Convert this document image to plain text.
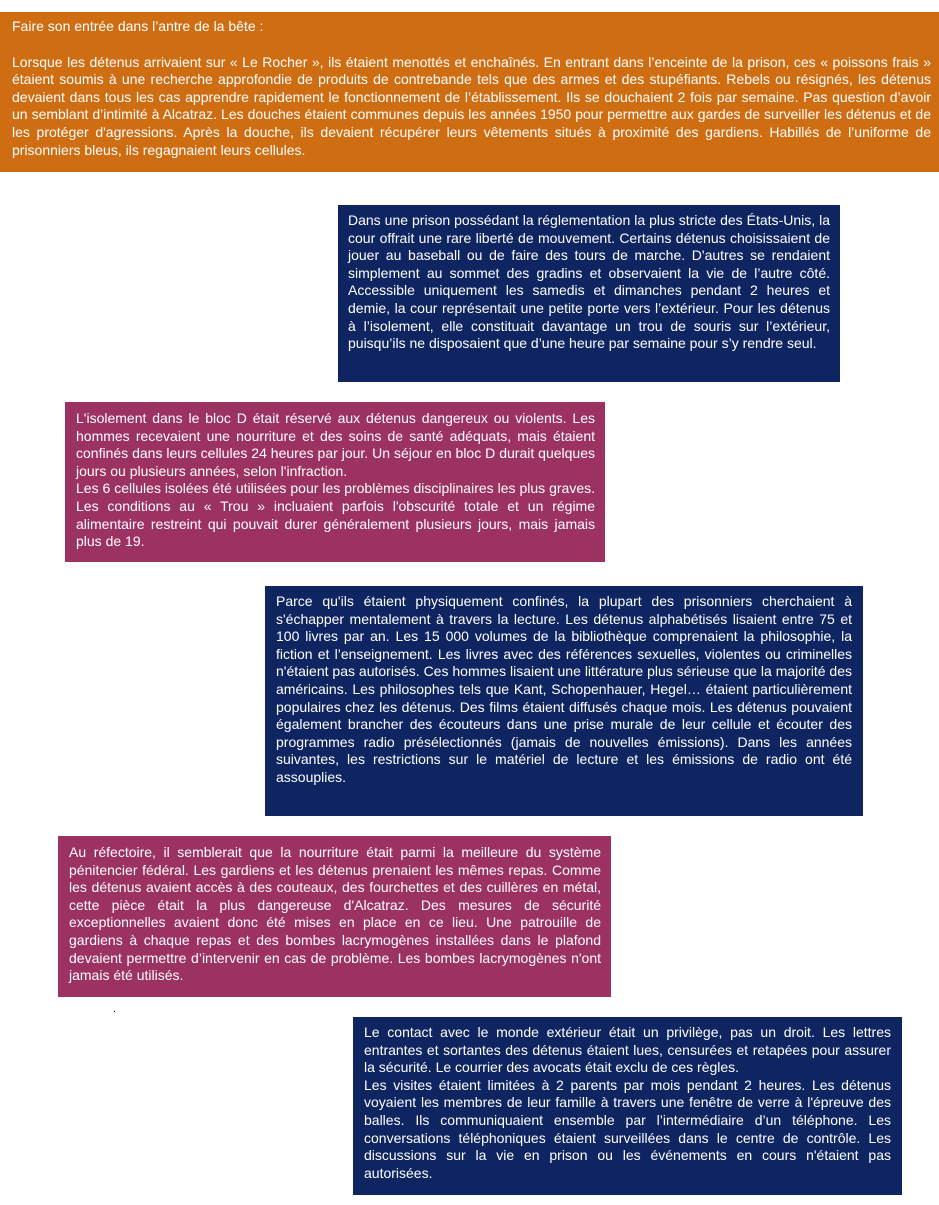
Faire son entrée dans l’antre de la bête :

Lorsque les détenus arrivaient sur « Le Rocher », ils étaient menottés et enchaînés. En entrant dans l’enceinte de la prison, ces « poissons frais » étaient soumis à une recherche approfondie de produits de contrebande tels que des armes et des stupéfiants. Rebels ou résignés, les détenus devaient dans tous les cas apprendre rapidement le fonctionnement de l’établissement. Ils se douchaient 2 fois par semaine. Pas question d’avoir un semblant d’intimité à Alcatraz. Les douches étaient communes depuis les années 1950 pour permettre aux gardes de surveiller les détenus et de les protéger d'agressions. Après la douche, ils devaient récupérer leurs vêtements situés à proximité des gardiens. Habillés de l’uniforme de prisonniers bleus, ils regagnaient leurs cellules.

Dans une prison possédant la réglementation la plus stricte des États-Unis, la cour offrait une rare liberté de mouvement. Certains détenus choisissaient de jouer au baseball ou de faire des tours de marche. D'autres se rendaient simplement au sommet des gradins et observaient la vie de l’autre côté. Accessible uniquement les samedis et dimanches pendant 2 heures et demie, la cour représentait une petite porte vers l’extérieur. Pour les détenus à l’isolement, elle constituait davantage un trou de souris sur l’extérieur, puisqu’ils ne disposaient que d’une heure par semaine pour s’y rendre seul.

L'isolement dans le bloc D était réservé aux détenus dangereux ou violents. Les hommes recevaient une nourriture et des soins de santé adéquats, mais étaient confinés dans leurs cellules 24 heures par jour. Un séjour en bloc D durait quelques jours ou plusieurs années, selon l'infraction.

Les 6 cellules isolées été utilisées pour les problèmes disciplinaires les plus graves. Les conditions au « Trou » incluaient parfois l'obscurité totale et un régime alimentaire restreint qui pouvait durer généralement plusieurs jours, mais jamais plus de 19.

Parce qu'ils étaient physiquement confinés, la plupart des prisonniers cherchaient à s'échapper mentalement à travers la lecture. Les détenus alphabétisés lisaient entre 75 et 100 livres par an. Les 15 000 volumes de la bibliothèque comprenaient la philosophie, la fiction et l’enseignement. Les livres avec des références sexuelles, violentes ou criminelles n'étaient pas autorisés. Ces hommes lisaient une littérature plus sérieuse que la majorité des américains. Les philosophes tels que Kant, Schopenhauer, Hegel… étaient particulièrement populaires chez les détenus. Des films étaient diffusés chaque mois. Les détenus pouvaient également brancher des écouteurs dans une prise murale de leur cellule et écouter des programmes radio présélectionnés (jamais de nouvelles émissions). Dans les années suivantes, les restrictions sur le matériel de lecture et les émissions de radio ont été assouplies.

Au réfectoire, il semblerait que la nourriture était parmi la meilleure du système pénitencier fédéral. Les gardiens et les détenus prenaient les mêmes repas. Comme les détenus avaient accès à des couteaux, des fourchettes et des cuillères en métal, cette pièce était la plus dangereuse d'Alcatraz. Des mesures de sécurité exceptionnelles avaient donc été mises en place en ce lieu. Une patrouille de gardiens à chaque repas et des bombes lacrymogènes installées dans le plafond devaient permettre d’intervenir en cas de problème. Les bombes lacrymogènes n'ont jamais été utilisés.

.

Le contact avec le monde extérieur était un privilège, pas un droit. Les lettres entrantes et sortantes des détenus étaient lues, censurées et retapées pour assurer la sécurité. Le courrier des avocats était exclu de ces règles.

Les visites étaient limitées à 2 parents par mois pendant 2 heures. Les détenus voyaient les membres de leur famille à travers une fenêtre de verre à l'épreuve des balles. Ils communiquaient ensemble par l’intermédiaire d’un téléphone. Les conversations téléphoniques étaient surveillées dans le centre de contrôle. Les discussions sur la vie en prison ou les événements en cours n'étaient pas autorisées.
